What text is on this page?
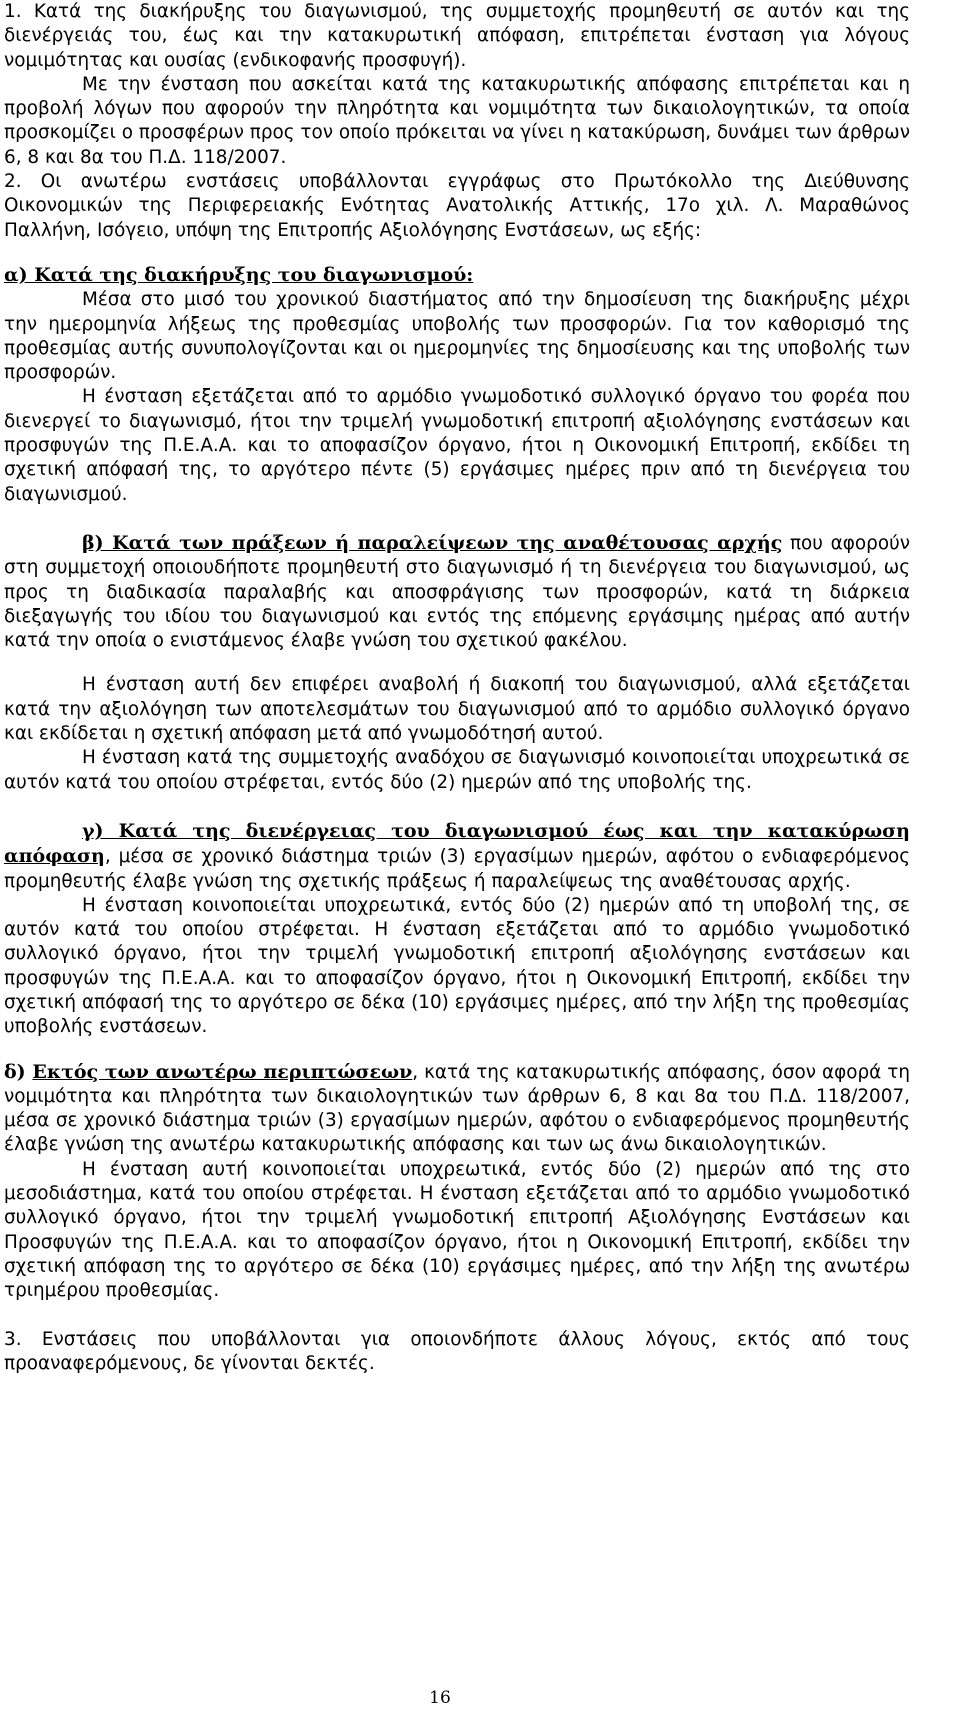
1. Κατά της διακήρυξης του διαγωνισμού, της συμμετοχής προμηθευτή σε αυτόν και της διενέργειάς του, έως και την κατακυρωτική απόφαση, επιτρέπεται ένσταση για λόγους νομιμότητας και ουσίας (ενδικοφανής προσφυγή).

Με την ένσταση που ασκείται κατά της κατακυρωτικής απόφασης επιτρέπεται και η προβολή λόγων που αφορούν την πληρότητα και νομιμότητα των δικαιολογητικών, τα οποία προσκομίζει ο προσφέρων προς τον οποίο πρόκειται να γίνει η κατακύρωση, δυνάμει των άρθρων 6, 8 και 8α του Π.Δ. 118/2007.

2. Οι ανωτέρω ενστάσεις υποβάλλονται εγγράφως στο Πρωτόκολλο της Διεύθυνσης Οικονομικών της Περιφερειακής Ενότητας Ανατολικής Αττικής, 17ο χιλ. Λ. Μαραθώνος Παλλήνη, Ισόγειο, υπόψη της Επιτροπής Αξιολόγησης Ενστάσεων, ως εξής:

α) Κατά της διακήρυξης του διαγωνισμού:

Μέσα στο μισό του χρονικού διαστήματος από την δημοσίευση της διακήρυξης μέχρι την ημερομηνία λήξεως της προθεσμίας υποβολής των προσφορών. Για τον καθορισμό της προθεσμίας αυτής συνυπολογίζονται και οι ημερομηνίες της δημοσίευσης και της υποβολής των προσφορών.

Η ένσταση εξετάζεται από το αρμόδιο γνωμοδοτικό συλλογικό όργανο του φορέα που διενεργεί το διαγωνισμό, ήτοι την τριμελή γνωμοδοτική επιτροπή αξιολόγησης ενστάσεων και προσφυγών της Π.Ε.Α.Α. και το αποφασίζον όργανο, ήτοι η Οικονομική Επιτροπή, εκδίδει τη σχετική απόφασή της, το αργότερο πέντε (5) εργάσιμες ημέρες πριν από τη διενέργεια του διαγωνισμού.

β) Κατά των πράξεων ή παραλείψεων της αναθέτουσας αρχής που αφορούν στη συμμετοχή οποιουδήποτε προμηθευτή στο διαγωνισμό ή τη διενέργεια του διαγωνισμού, ως προς τη διαδικασία παραλαβής και αποσφράγισης των προσφορών, κατά τη διάρκεια διεξαγωγής του ιδίου του διαγωνισμού και εντός της επόμενης εργάσιμης ημέρας από αυτήν κατά την οποία ο ενιστάμενος έλαβε γνώση του σχετικού φακέλου.

Η ένσταση αυτή δεν επιφέρει αναβολή ή διακοπή του διαγωνισμού, αλλά εξετάζεται κατά την αξιολόγηση των αποτελεσμάτων του διαγωνισμού από το αρμόδιο συλλογικό όργανο και εκδίδεται η σχετική απόφαση μετά από γνωμοδότησή αυτού.

Η ένσταση κατά της συμμετοχής αναδόχου σε διαγωνισμό κοινοποιείται υποχρεωτικά σε αυτόν κατά του οποίου στρέφεται, εντός δύο (2) ημερών από της υποβολής της.

γ) Κατά της διενέργειας του διαγωνισμού έως και την κατακύρωση απόφαση, μέσα σε χρονικό διάστημα τριών (3) εργασίμων ημερών, αφότου ο ενδιαφερόμενος προμηθευτής έλαβε γνώση της σχετικής πράξεως ή παραλείψεως της αναθέτουσας αρχής.

Η ένσταση κοινοποιείται υποχρεωτικά, εντός δύο (2) ημερών από τη υποβολή της, σε αυτόν κατά του οποίου στρέφεται. Η ένσταση εξετάζεται από το αρμόδιο γνωμοδοτικό συλλογικό όργανο, ήτοι την τριμελή γνωμοδοτική επιτροπή αξιολόγησης ενστάσεων και προσφυγών της Π.Ε.Α.Α. και το αποφασίζον όργανο, ήτοι η Οικονομική Επιτροπή, εκδίδει την σχετική απόφασή της το αργότερο σε δέκα (10) εργάσιμες ημέρες, από την λήξη της προθεσμίας υποβολής ενστάσεων.

δ) Εκτός των ανωτέρω περιπτώσεων, κατά της κατακυρωτικής απόφασης, όσον αφορά τη νομιμότητα και πληρότητα των δικαιολογητικών των άρθρων 6, 8 και 8α του Π.Δ. 118/2007, μέσα σε χρονικό διάστημα τριών (3) εργασίμων ημερών, αφότου ο ενδιαφερόμενος προμηθευτής έλαβε γνώση της ανωτέρω κατακυρωτικής απόφασης και των ως άνω δικαιολογητικών.

Η ένσταση αυτή κοινοποιείται υποχρεωτικά, εντός δύο (2) ημερών από της στο μεσοδιάστημα, κατά του οποίου στρέφεται. Η ένσταση εξετάζεται από το αρμόδιο γνωμοδοτικό συλλογικό όργανο, ήτοι την τριμελή γνωμοδοτική επιτροπή Αξιολόγησης Ενστάσεων και Προσφυγών της Π.Ε.Α.Α. και το αποφασίζον όργανο, ήτοι η Οικονομική Επιτροπή, εκδίδει την σχετική απόφαση της το αργότερο σε δέκα (10) εργάσιμες ημέρες, από την λήξη της ανωτέρω τριημέρου προθεσμίας.

3. Ενστάσεις που υποβάλλονται για οποιονδήποτε άλλους λόγους, εκτός από τους προαναφερόμενους, δε γίνονται δεκτές.

16
